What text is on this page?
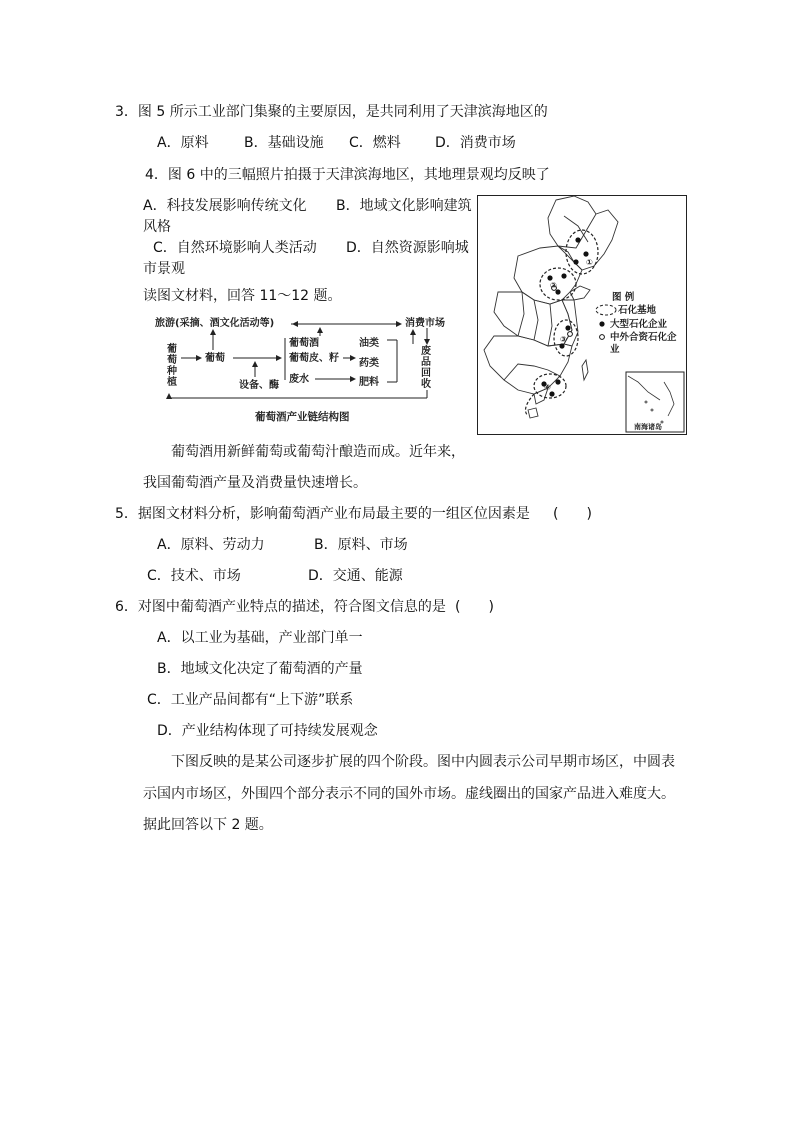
3．图 5 所示工业部门集聚的主要原因，是共同利用了天津滨海地区的
A．原料	B．基础设施 C．燃料 D．消费市场
4．图 6 中的三幅照片拍摄于天津滨海地区，其地理景观均反映了
A．科技发展影响传统文化 B．地域文化影响建筑
风格
C．自然环境影响人类活动 D．自然资源影响城
市景观
读图文材料，回答 11～12 题。
旅游(采摘、酒文化活动等)	消费市场
葡萄种植
葡萄
设备、酶
葡萄酒
葡萄皮、籽
废水
油类
药类
肥料
废品回收
葡萄酒产业链结构图
①
②
③
④
图 例
石化基地
大型石化企业
中外合资石化企业
南海诸岛
葡萄酒用新鲜葡萄或葡萄汁酿造而成。近年来，
我国葡萄酒产量及消费量快速增长。
5．据图文材料分析，影响葡萄酒产业布局最主要的一组区位因素是 (　　)
A．原料、劳动力	B．原料、市场
C．技术、市场	D．交通、能源
6．对图中葡萄酒产业特点的描述，符合图文信息的是 (　　)
A．以工业为基础，产业部门单一
B．地域文化决定了葡萄酒的产量
C．工业产品间都有“上下游”联系
D．产业结构体现了可持续发展观念
下图反映的是某公司逐步扩展的四个阶段。图中内圆表示公司早期市场区，中圆表
示国内市场区，外围四个部分表示不同的国外市场。虚线圈出的国家产品进入难度大。
据此回答以下 2 题。
